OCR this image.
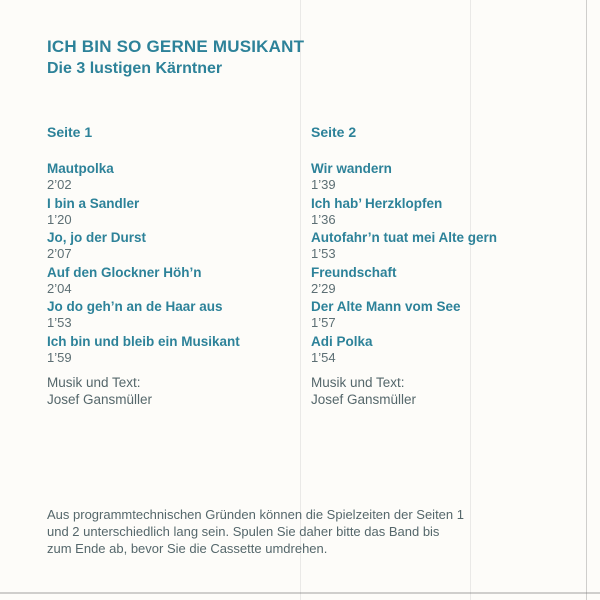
ICH BIN SO GERNE MUSIKANT
Die 3 lustigen Kärntner
Seite 1
Mautpolka
2’02
I bin a Sandler
1’20
Jo, jo der Durst
2’07
Auf den Glockner Höh’n
2’04
Jo do geh’n an de Haar aus
1’53
Ich bin und bleib ein Musikant
1’59
Musik und Text:
Josef Gansmüller
Seite 2
Wir wandern
1’39
Ich hab’ Herzklopfen
1’36
Autofahr’n tuat mei Alte gern
1’53
Freundschaft
2’29
Der Alte Mann vom See
1’57
Adi Polka
1’54
Musik und Text:
Josef Gansmüller
Aus programmtechnischen Gründen können die Spielzeiten der Seiten 1
und 2 unterschiedlich lang sein. Spulen Sie daher bitte das Band bis
zum Ende ab, bevor Sie die Cassette umdrehen.
